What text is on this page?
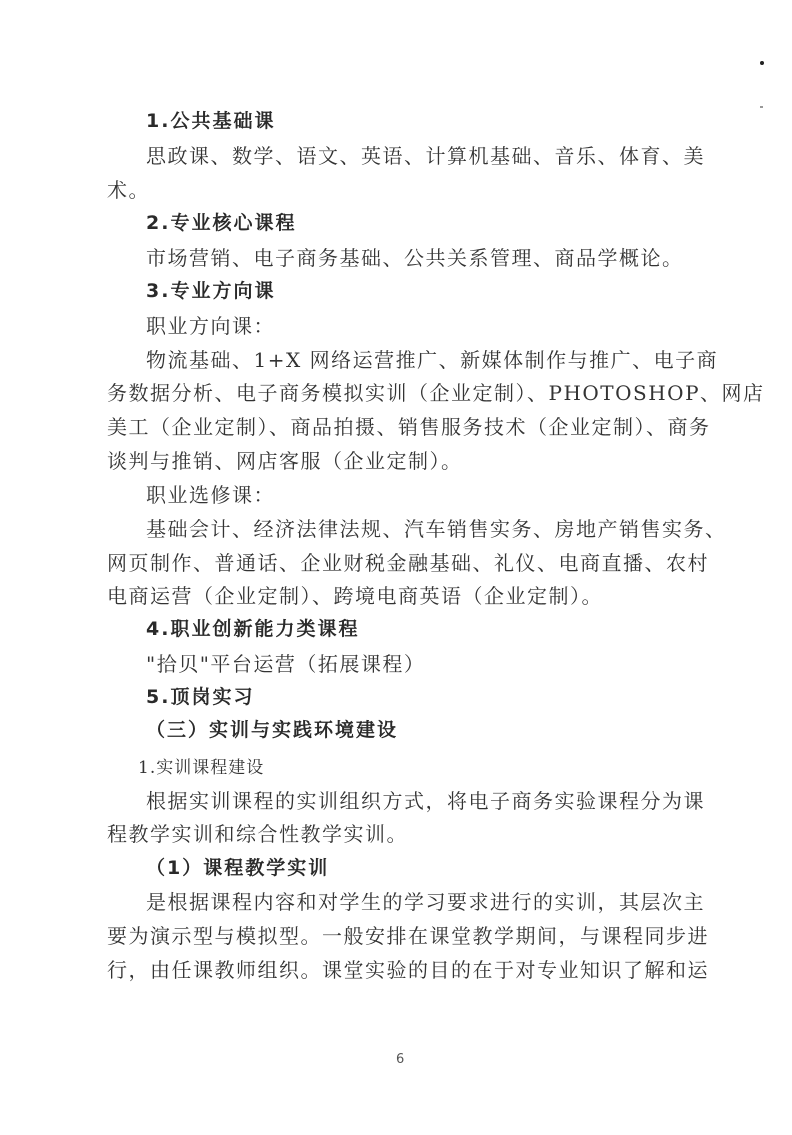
1.公共基础课
思政课、数学、语文、英语、计算机基础、音乐、体育、美
术。
2.专业核心课程
市场营销、电子商务基础、公共关系管理、商品学概论。
3.专业方向课
职业方向课：
物流基础、1+X 网络运营推广、新媒体制作与推广、电子商
务数据分析、电子商务模拟实训（企业定制）、PHOTOSHOP、网店
美工（企业定制）、商品拍摄、销售服务技术（企业定制）、商务
谈判与推销、网店客服（企业定制）。
职业选修课：
基础会计、经济法律法规、汽车销售实务、房地产销售实务、
网页制作、普通话、企业财税金融基础、礼仪、电商直播、农村
电商运营（企业定制）、跨境电商英语（企业定制）。
4.职业创新能力类课程
"拾贝"平台运营（拓展课程）
5.顶岗实习
（三）实训与实践环境建设
1.实训课程建设
根据实训课程的实训组织方式，将电子商务实验课程分为课
程教学实训和综合性教学实训。
（1）课程教学实训
是根据课程内容和对学生的学习要求进行的实训，其层次主
要为演示型与模拟型。一般安排在课堂教学期间，与课程同步进
行，由任课教师组织。课堂实验的目的在于对专业知识了解和运
6
